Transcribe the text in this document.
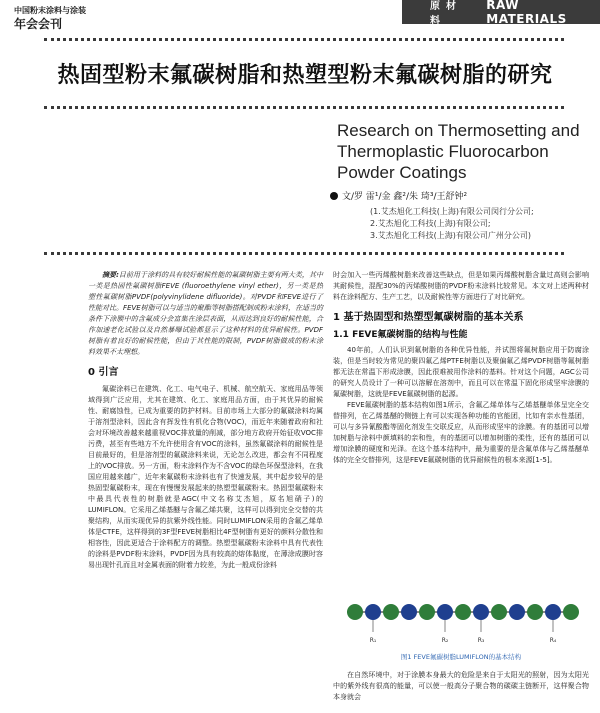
中国粉末涂料与涂装
年会会刊
原材料
RAW MATERIALS
热固型粉末氟碳树脂和热塑型粉末氟碳树脂的研究
Research on Thermosetting and
Thermoplastic Fluorocarbon
Powder Coatings
文/罗 雷¹/金 鑫²/朱 琦³/王舒钟²
(1.艾杰旭化工科技(上海)有限公司闵行分公司;
2.艾杰旭化工科技(上海)有限公司;
3.艾杰旭化工科技(上海)有限公司广州分公司)

摘要:目前用于涂料的具有较好耐候性能的氟碳树脂主要有两大类，其中一类是热固性氟碳树脂FEVE (fluoroethylene vinyl ether)，另一类是热塑性氟碳树脂PVDF(polyvinylidene difluoride)。对PVDF和FEVE进行了性能对比。FEVE树脂可以与适当的聚酯等树脂搭配制成粉末涂料，在适当的条件下涂膜中的含氟成分会富集在涂层表面，从而达到良好的耐候性能，合作加速老化试验以及自然暴曝试验都显示了这种材料的优异耐候性。PVDF树脂有着良好的耐候性能，但由于其性能的限制，PVDF树脂做成的粉末涂料效果不太理想。

0 引言

氟碳涂料已在建筑、化工、电气电子、机械、航空航天、家庭用品等领域得到广泛应用，尤其在建筑、化工、家庭用品方面，由于其优异的耐候性、耐腐蚀性，已成为重要的防护材料。目前市场上大部分的氟碳涂料均属于溶剂型涂料，因此含有挥发性有机化合物(VOC)，而近年来随着政府和社会对环境改善越来越重视VOC排放量的削减，部分地方政府开始征收VOC排污费，甚至有些地方不允许使用含有VOC的涂料，虽然氟碳涂料的耐候性是目前最好的，但是溶剂型的氟碳涂料来说，无论怎么改进，都会有不同程度上的VOC排放。另一方面，粉末涂料作为不含VOC的绿色环保型涂料，在我国应用越来越广，近年来氟碳粉末涂料也有了快速发展，其中起步较早的是热固型氟碳粉末，现在有慢慢发展起来的热塑型氟碳粉末。热固型氟碳粉末中最具代表性的树脂就是AGC(中文名称艾杰旭，原名旭硝子)的LUMIFLON。它采用乙烯基醚与含氟乙烯共聚，这样可以得到完全交替的共聚结构，从而实现优异的抗紫外线性能。同时LUMIFLON采用的含氟乙烯单体是CTFE，这样得到的3F型FEVE树脂相比4F型树脂有更好的颜料分散性和相容性，因此更适合于涂料配方的调整。热塑型氟碳粉末涂料中具有代表性的涂料是PVDF粉末涂料，PVDF因为具有较高的熔体黏度，在薄涂成膜时容易出现针孔而且对金属表面的附着力较差，为此一般成份涂料

时会加入一些丙烯酸树脂来改善这些缺点，但是如果丙烯酸树脂含量过高则会影响其耐候性，混配30%的丙烯酸树脂的PVDF粉末涂料比较常见。本文对上述两种材料在涂料配方、生产工艺，以及耐候性等方面进行了对比研究。

1 基于热固型和热塑型氟碳树脂的基本关系
1.1 FEVE氟碳树脂的结构与性能

40年前，人们认识到氟树脂的各种优异性能，并试图将氟树脂应用于防腐涂装，但是当时较为常见的聚四氟乙烯PTFE树脂以及聚偏氟乙烯PVDF树脂等氟树脂都无法在常温下形成涂膜，因此很难被用作涂料的基料。针对这个问题，AGC公司的研究人员设计了一种可以溶解在溶剂中，而且可以在常温下固化形成坚牢涂膜的氟碳树脂，这就是FEVE氟碳树脂的起源。

FEVE氟碳树脂的基本结构如图1所示，含氟乙烯单体与乙烯基醚单体呈完全交替排列，在乙烯基醚的侧链上有可以实现各种功能的官能团，比如有亲水性基团，可以与多异氰酸酯等固化剂发生交联反应，从而形成坚牢的涂膜。有的基团可以增加树脂与涂料中颜填料的亲和性，有的基团可以增加树脂的柔性，还有的基团可以增加涂膜的硬度和光泽。在这个基本结构中，最为重要的是含氟单体与乙烯基醚单体的完全交替排列，这是FEVE氟碳树脂的优异耐候性的根本来源[1-5]。

R₁	R₂	R₃	R₄
图1 FEVE氟碳树脂LUMIFLON的基本结构

在自然环境中，对于涂膜本身最大的危险是来自于太阳光的照射，因为太阳光中的紫外线有很高的能量，可以使一般高分子聚合物的碳碳主链断开，这样聚合物本身就会
